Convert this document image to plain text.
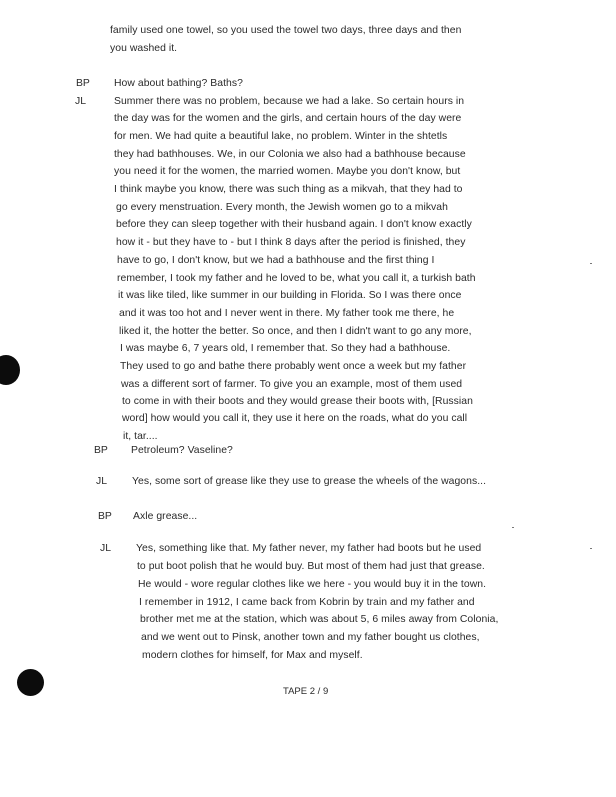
family used one towel, so you used the towel two days, three days and then
you washed it.
BP How about bathing? Baths?
JL	Summer there was no problem, because we had a lake. So certain hours in
the day was for the women and the girls, and certain hours of the day were
for men. We had quite a beautiful lake, no problem. Winter in the shtetls
they had bathhouses. We, in our Colonia we also had a bathhouse because
you need it for the women, the married women. Maybe you don't know, but
I think maybe you know, there was such thing as a mikvah, that they had to
go every menstruation. Every month, the Jewish women go to a mikvah
before they can sleep together with their husband again. I don't know exactly
how it - but they have to - but I think 8 days after the period is finished, they
have to go, I don't know, but we had a bathhouse and the first thing I
remember, I took my father and he loved to be, what you call it, a turkish bath
it was like tiled, like summer in our building in Florida. So I was there once
and it was too hot and I never went in there. My father took me there, he
liked it, the hotter the better. So once, and then I didn't want to go any more,
I was maybe 6, 7 years old, I remember that. So they had a bathhouse.
They used to go and bathe there probably went once a week but my father
was a different sort of farmer. To give you an example, most of them used
to come in with their boots and they would grease their boots with, [Russian
word] how would you call it, they use it here on the roads, what do you call
it, tar....
BP Petroleum? Vaseline?
JL Yes, some sort of grease like they use to grease the wheels of the wagons...
BP Axle grease...
JL Yes, something like that. My father never, my father had boots but he used
to put boot polish that he would buy. But most of them had just that grease.
He would - wore regular clothes like we here - you would buy it in the town.
I remember in 1912, I came back from Kobrin by train and my father and
brother met me at the station, which was about 5, 6 miles away from Colonia,
and we went out to Pinsk, another town and my father bought us clothes,
modern clothes for himself, for Max and myself.
TAPE 2 / 9
